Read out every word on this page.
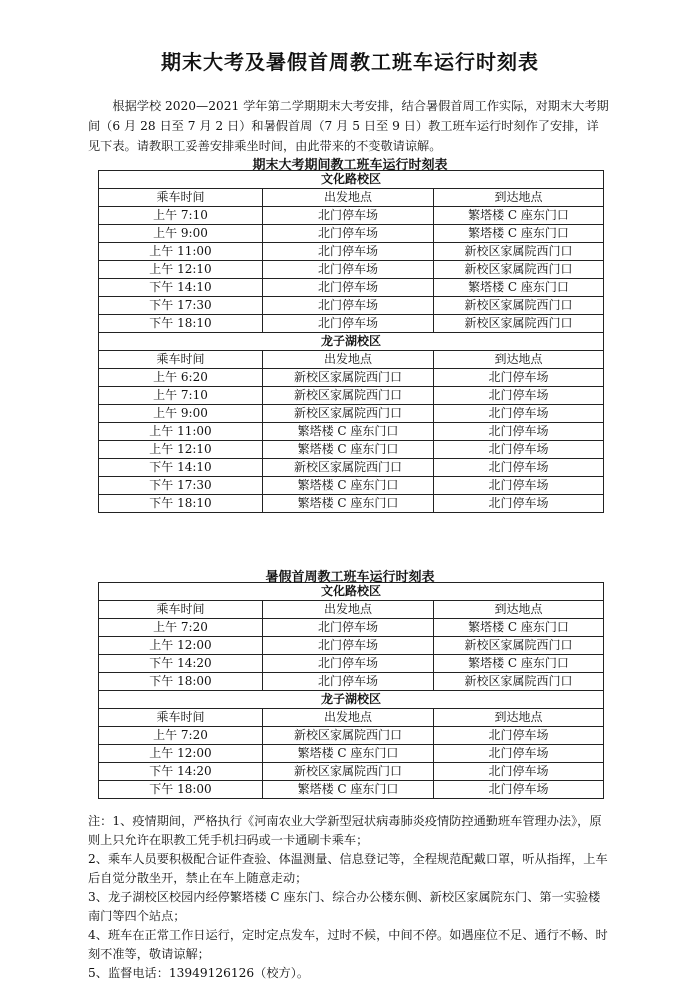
期末大考及暑假首周教工班车运行时刻表

根据学校 2020—2021 学年第二学期期末大考安排，结合暑假首周工作实际，对期末大考期间（6 月 28 日至 7 月 2 日）和暑假首周（7 月 5 日至 9 日）教工班车运行时刻作了安排，详见下表。请教职工妥善安排乘坐时间，由此带来的不变敬请谅解。

期末大考期间教工班车运行时刻表
文化路校区		
乘车时间	出发地点	到达地点
上午 7:10	北门停车场	繁塔楼 C 座东门口
上午 9:00	北门停车场	繁塔楼 C 座东门口
上午 11:00	北门停车场	新校区家属院西门口
上午 12:10	北门停车场	新校区家属院西门口
下午 14:10	北门停车场	繁塔楼 C 座东门口
下午 17:30	北门停车场	新校区家属院西门口
下午 18:10	北门停车场	新校区家属院西门口
龙子湖校区		
乘车时间	出发地点	到达地点
上午 6:20	新校区家属院西门口	北门停车场
上午 7:10	新校区家属院西门口	北门停车场
上午 9:00	新校区家属院西门口	北门停车场
上午 11:00	繁塔楼 C 座东门口	北门停车场
上午 12:10	繁塔楼 C 座东门口	北门停车场
下午 14:10	新校区家属院西门口	北门停车场
下午 17:30	繁塔楼 C 座东门口	北门停车场
下午 18:10	繁塔楼 C 座东门口	北门停车场
暑假首周教工班车运行时刻表
文化路校区		
乘车时间	出发地点	到达地点
上午 7:20	北门停车场	繁塔楼 C 座东门口
上午 12:00	北门停车场	新校区家属院西门口
下午 14:20	北门停车场	繁塔楼 C 座东门口
下午 18:00	北门停车场	新校区家属院西门口
龙子湖校区		
乘车时间	出发地点	到达地点
上午 7:20	新校区家属院西门口	北门停车场
上午 12:00	繁塔楼 C 座东门口	北门停车场
下午 14:20	新校区家属院西门口	北门停车场
下午 18:00	繁塔楼 C 座东门口	北门停车场

注：1、疫情期间，严格执行《河南农业大学新型冠状病毒肺炎疫情防控通勤班车管理办法》，原则上只允许在职教工凭手机扫码或一卡通刷卡乘车；

2、乘车人员要积极配合证件查验、体温测量、信息登记等，全程规范配戴口罩，听从指挥，上车后自觉分散坐开，禁止在车上随意走动；

3、龙子湖校区校园内经停繁塔楼 C 座东门、综合办公楼东侧、新校区家属院东门、第一实验楼南门等四个站点；

4、班车在正常工作日运行，定时定点发车，过时不候，中间不停。如遇座位不足、通行不畅、时刻不准等，敬请谅解；

5、监督电话：13949126126（校方）。
